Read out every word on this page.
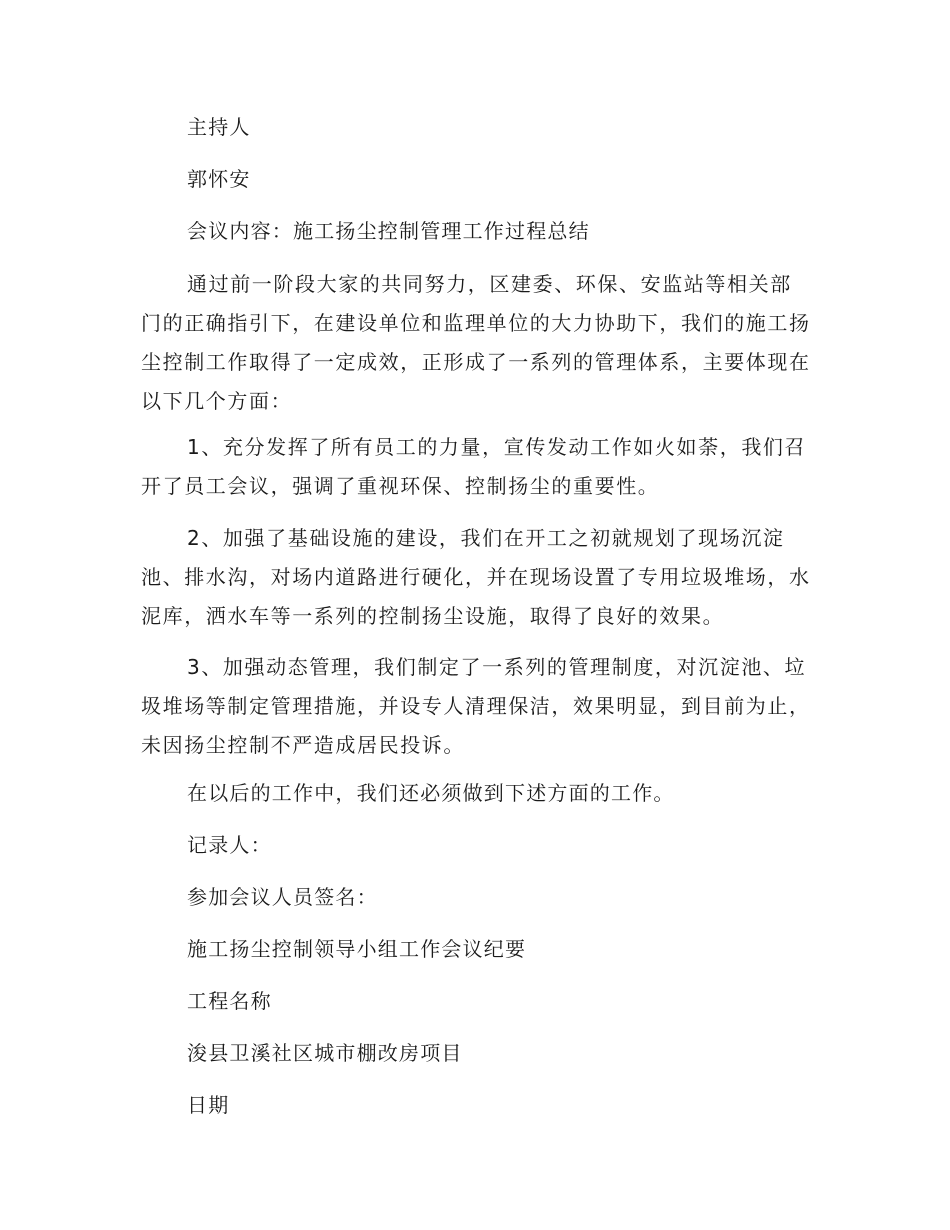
主持人
郭怀安
会议内容：施工扬尘控制管理工作过程总结
通过前一阶段大家的共同努力，区建委、环保、安监站等相关部门的正确指引下，在建设单位和监理单位的大力协助下，我们的施工扬尘控制工作取得了一定成效，正形成了一系列的管理体系，主要体现在以下几个方面：
1、充分发挥了所有员工的力量，宣传发动工作如火如荼，我们召开了员工会议，强调了重视环保、控制扬尘的重要性。
2、加强了基础设施的建设，我们在开工之初就规划了现场沉淀池、排水沟，对场内道路进行硬化，并在现场设置了专用垃圾堆场，水泥库，洒水车等一系列的控制扬尘设施，取得了良好的效果。
3、加强动态管理，我们制定了一系列的管理制度，对沉淀池、垃圾堆场等制定管理措施，并设专人清理保洁，效果明显，到目前为止，未因扬尘控制不严造成居民投诉。
在以后的工作中，我们还必须做到下述方面的工作。
记录人：
参加会议人员签名：
施工扬尘控制领导小组工作会议纪要
工程名称
浚县卫溪社区城市棚改房项目
日期
